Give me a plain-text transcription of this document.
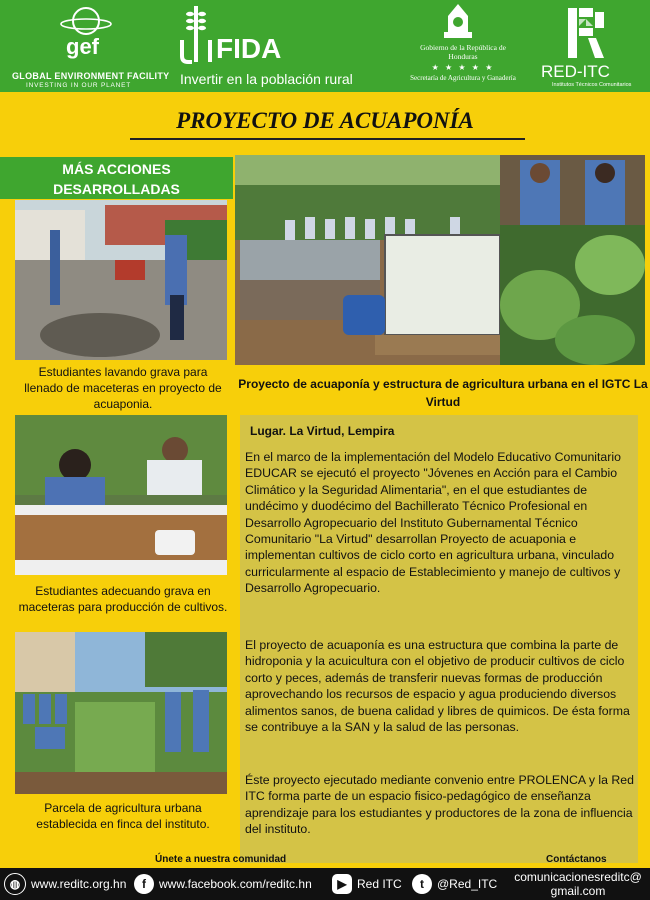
gef
GLOBAL ENVIRONMENT FACILITY
INVESTING IN OUR PLANET
FIDA
Invertir en la población rural
Gobierno de la República de Honduras
★ ★ ★ ★ ★
Secretaría de Agricultura y Ganadería RED-ITC
Institutos Técnicos Comunitarios
PROYECTO DE ACUAPONÍA
MÁS ACCIONES DESARROLLADAS
Estudiantes lavando grava para llenado de maceteras en proyecto de acuaponia.
Proyecto de acuaponía y estructura de agricultura urbana en el IGTC La Virtud
Estudiantes adecuando grava en maceteras para producción de cultivos.
Parcela de agricultura urbana establecida en finca del instituto.
Lugar. La Virtud, Lempira
En el marco de la implementación del Modelo Educativo Comunitario EDUCAR se ejecutó el proyecto "Jóvenes en Acción para el Cambio Climático y la Seguridad Alimentaria", en el que estudiantes de undécimo y duodécimo del Bachillerato Técnico Profesional en Desarrollo Agropecuario del Instituto Gubernamental Técnico Comunitario "La Virtud" desarrollan Proyecto de acuaponia e implementan cultivos de ciclo corto en agricultura urbana, vinculado curricularmente al espacio de Establecimiento y manejo de cultivos y Desarrollo Agropecuario.
El proyecto de acuaponía es una estructura que combina la parte de hidroponia y la acuicultura con el objetivo de producir cultivos de ciclo corto y peces, además de transferir nuevas formas de producción aprovechando los recursos de espacio y agua produciendo diversos alimentos sanos, de buena calidad y libres de quimicos. De ésta forma se contribuye a la SAN y la salud de las personas.
Éste proyecto ejecutado mediante convenio entre PROLENCA y la Red ITC forma parte de un espacio fisico-pedagógico de enseñanza aprendizaje para los estudiantes y productores de la zona de influencia del instituto.
Únete a nuestra comunidad	Contáctanos
◍ www.reditc.org.hn	f	www.facebook.com/reditc.hn	▶ Red ITC	t	@Red_ITC	comunicacionesreditc@ gmail.com
